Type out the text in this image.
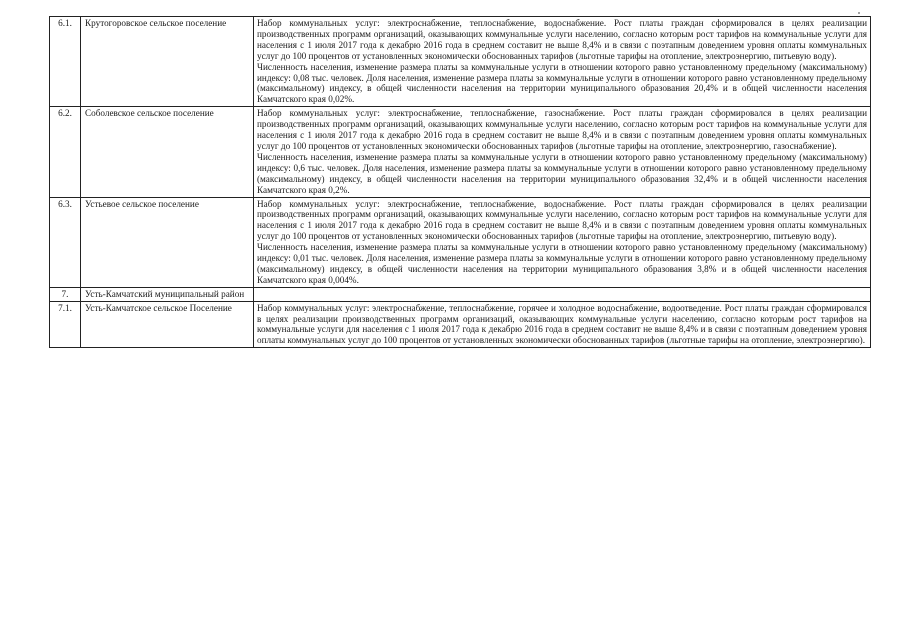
6.1.	Крутогоровское сельское поселение	Набор коммунальных услуг: электроснабжение, теплоснабжение, водоснабжение. Рост платы граждан сформировался в целях реализации производственных программ организаций, оказывающих коммунальные услуги населению, согласно которым рост тарифов на коммунальные услуги для населения с 1 июля 2017 года к декабрю 2016 года в среднем составит не выше 8,4% и в связи с поэтапным доведением уровня оплаты коммунальных услуг до 100 процентов от установленных экономически обоснованных тарифов (льготные тарифы на отопление, электроэнергию, питьевую воду).
Численность населения, изменение размера платы за коммунальные услуги в отношении которого равно установленному предельному (максимальному) индексу: 0,08 тыс. человек. Доля населения, изменение размера платы за коммунальные услуги в отношении которого равно установленному предельному (максимальному) индексу, в общей численности населения на территории муниципального образования 20,4% и в общей численности населения Камчатского края 0,02%.

6.2.	Соболевское сельское поселение	Набор коммунальных услуг: электроснабжение, теплоснабжение, газоснабжение. Рост платы граждан сформировался в целях реализации производственных программ организаций, оказывающих коммунальные услуги населению, согласно которым рост тарифов на коммунальные услуги для населения с 1 июля 2017 года к декабрю 2016 года в среднем составит не выше 8,4% и в связи с поэтапным доведением уровня оплаты коммунальных услуг до 100 процентов от установленных экономически обоснованных тарифов (льготные тарифы на отопление, электроэнергию, газоснабжение).
Численность населения, изменение размера платы за коммунальные услуги в отношении которого равно установленному предельному (максимальному) индексу: 0,6 тыс. человек. Доля населения, изменение размера платы за коммунальные услуги в отношении которого равно установленному предельному (максимальному) индексу, в общей численности населения на территории муниципального образования 32,4% и в общей численности населения Камчатского края 0,2%.

6.3.	Устьевое сельское поселение	Набор коммунальных услуг: электроснабжение, теплоснабжение, водоснабжение. Рост платы граждан сформировался в целях реализации производственных программ организаций, оказывающих коммунальные услуги населению, согласно которым рост тарифов на коммунальные услуги для населения с 1 июля 2017 года к декабрю 2016 года в среднем составит не выше 8,4% и в связи с поэтапным доведением уровня оплаты коммунальных услуг до 100 процентов от установленных экономически обоснованных тарифов (льготные тарифы на отопление, электроэнергию, питьевую воду).
Численность населения, изменение размера платы за коммунальные услуги в отношении которого равно установленному предельному (максимальному) индексу: 0,01 тыс. человек. Доля населения, изменение размера платы за коммунальные услуги в отношении которого равно установленному предельному (максимальному) индексу, в общей численности населения на территории муниципального образования 3,8% и в общей численности населения Камчатского края 0,004%.

7.	Усть-Камчатский муниципальный район	
7.1.	Усть-Камчатское сельское Поселение	Набор коммунальных услуг: электроснабжение, теплоснабжение, горячее и холодное водоснабжение, водоотведение. Рост платы граждан сформировался в целях реализации производственных программ организаций, оказывающих коммунальные услуги населению, согласно которым рост тарифов на коммунальные услуги для населения с 1 июля 2017 года к декабрю 2016 года в среднем составит не выше 8,4% и в связи с поэтапным доведением уровня оплаты коммунальных услуг до 100 процентов от установленных экономически обоснованных тарифов (льготные тарифы на отопление, электроэнергию).
